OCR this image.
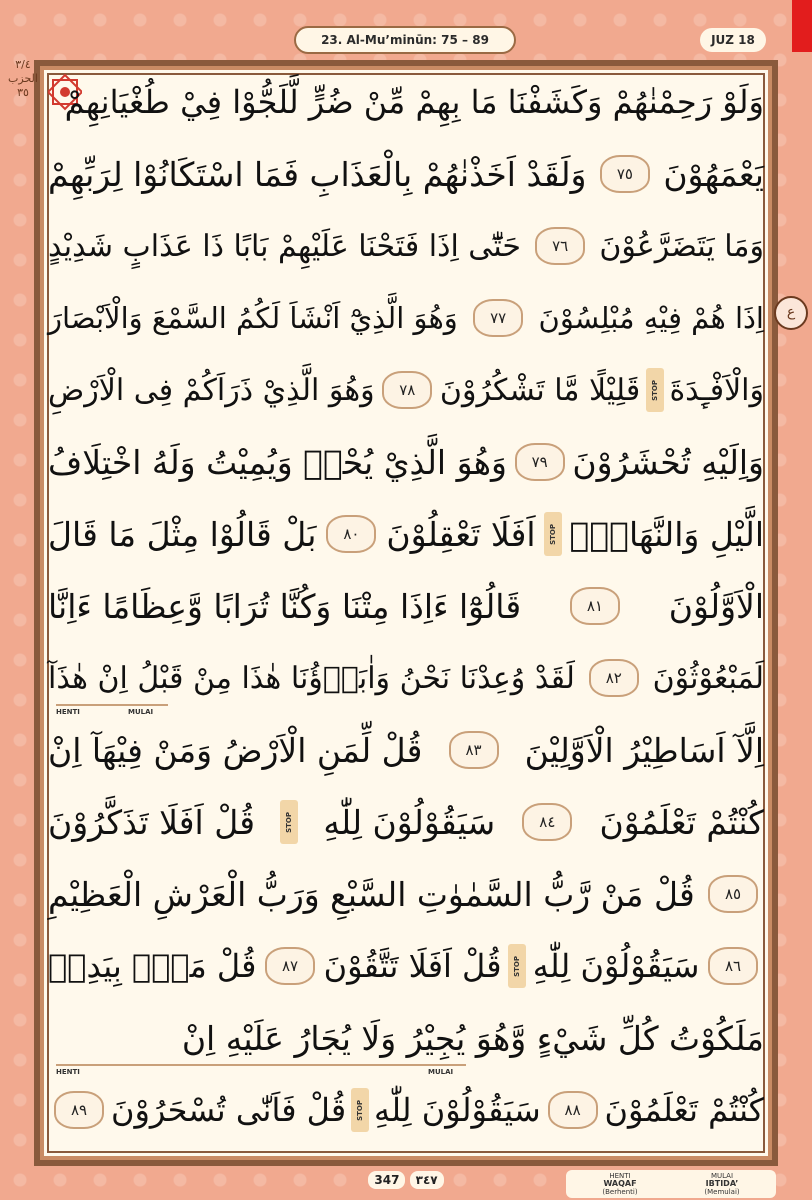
23. Al-Mu’minūn: 75 – 89	JUZ 18
٣/٤
الحزب
٣٥
ع
وَلَوْ رَحِمْنٰهُمْ وَكَشَفْنَا مَا بِهِمْ مِّنْ ضُرٍّ لَّلَجُّوْا فِيْ طُغْيَانِهِمْ
يَعْمَهُوْنَ
٧٥
وَلَقَدْ اَخَذْنٰهُمْ بِالْعَذَابِ فَمَا اسْتَكَانُوْا لِرَبِّهِمْ
وَمَا يَتَضَرَّعُوْنَ
٧٦
حَتّٰٓى اِذَا فَتَحْنَا عَلَيْهِمْ بَابًا ذَا عَذَابٍ شَدِيْدٍ
اِذَا هُمْ فِيْهِ مُبْلِسُوْنَ
٧٧
وَهُوَ الَّذِيْٓ اَنْشَاَ لَكُمُ السَّمْعَ وَالْاَبْصَارَ
وَالْاَفْـِٕدَةَ
STOP
قَلِيْلًا مَّا تَشْكُرُوْنَ
٧٨
وَهُوَ الَّذِيْ ذَرَاَكُمْ فِى الْاَرْضِ
وَاِلَيْهِ تُحْشَرُوْنَ
٧٩
وَهُوَ الَّذِيْ يُحْيٖ وَيُمِيْتُ وَلَهُ اخْتِلَافُ
الَّيْلِ وَالنَّهَارِۗ
STOP
اَفَلَا تَعْقِلُوْنَ
٨٠
بَلْ قَالُوْا مِثْلَ مَا قَالَ
الْاَوَّلُوْنَ
٨١
قَالُوْٓا ءَاِذَا مِتْنَا وَكُنَّا تُرَابًا وَّعِظَامًا ءَاِنَّا
لَمَبْعُوْثُوْنَ
٨٢
لَقَدْ وُعِدْنَا نَحْنُ وَاٰبَاۤؤُنَا هٰذَا مِنْ قَبْلُ اِنْ هٰذَآ
HENTI	MULAI
اِلَّآ اَسَاطِيْرُ الْاَوَّلِيْنَ
٨٣
قُلْ لِّمَنِ الْاَرْضُ وَمَنْ فِيْهَآ اِنْ
كُنْتُمْ تَعْلَمُوْنَ
٨٤
سَيَقُوْلُوْنَ لِلّٰهِ
STOP
قُلْ اَفَلَا تَذَكَّرُوْنَ
٨٥
قُلْ مَنْ رَّبُّ السَّمٰوٰتِ السَّبْعِ وَرَبُّ الْعَرْشِ الْعَظِيْمِ
٨٦
سَيَقُوْلُوْنَ لِلّٰهِ
STOP
قُلْ اَفَلَا تَتَّقُوْنَ
٨٧
قُلْ مَنْۢ بِيَدِهٖ
مَلَكُوْتُ كُلِّ شَيْءٍ وَّهُوَ يُجِيْرُ وَلَا يُجَارُ عَلَيْهِ اِنْ
HENTI	MULAI
كُنْتُمْ تَعْلَمُوْنَ
٨٨
سَيَقُوْلُوْنَ لِلّٰهِ
STOP
قُلْ فَاَنّٰى تُسْحَرُوْنَ
٨٩
347 ٣٤٧	HENTI
WAQAF
(Berhenti)
MULAI
IBTIDA’
(Memulai)
